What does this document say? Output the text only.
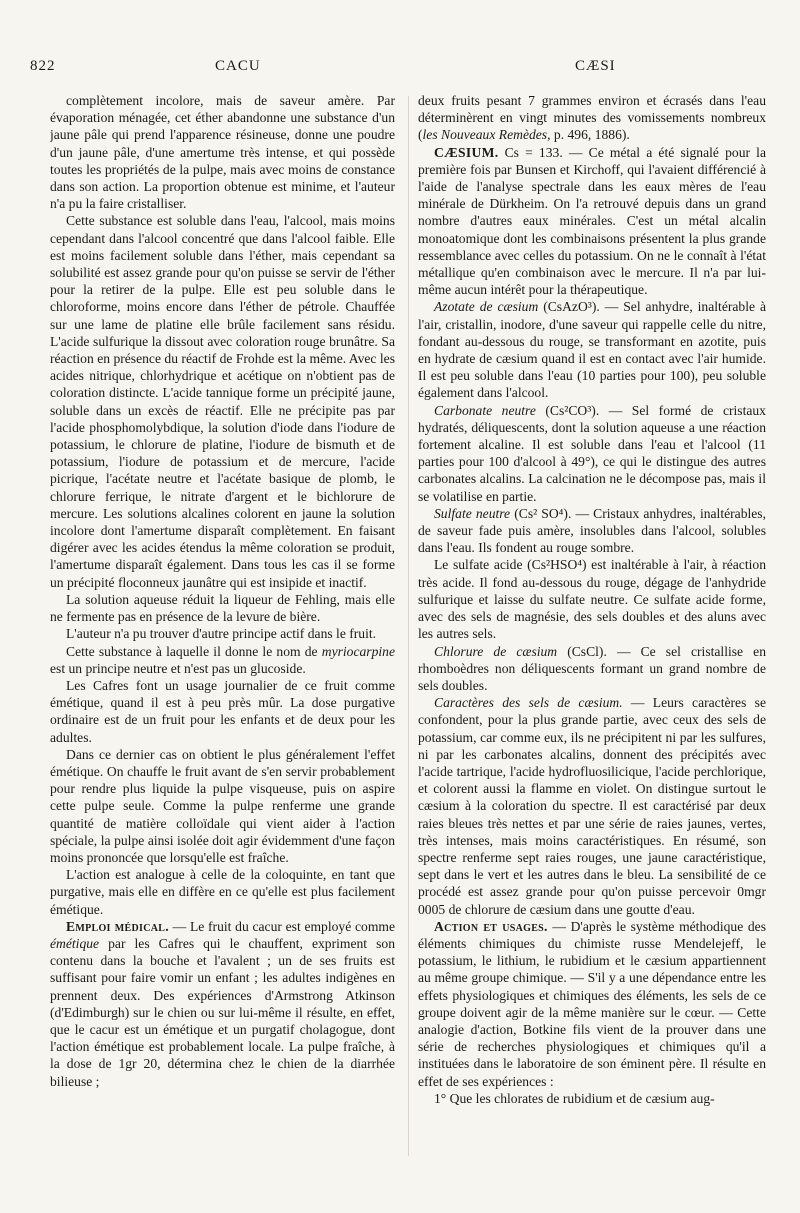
822	CACU	CÆSI

complètement incolore, mais de saveur amère. Par évaporation ménagée, cet éther abandonne une substance d'un jaune pâle qui prend l'apparence résineuse, donne une poudre d'un jaune pâle, d'une amertume très intense, et qui possède toutes les propriétés de la pulpe, mais avec moins de constance dans son action. La proportion obtenue est minime, et l'auteur n'a pu la faire cristalliser.

Cette substance est soluble dans l'eau, l'alcool, mais moins cependant dans l'alcool concentré que dans l'alcool faible. Elle est moins facilement soluble dans l'éther, mais cependant sa solubilité est assez grande pour qu'on puisse se servir de l'éther pour la retirer de la pulpe. Elle est peu soluble dans le chloroforme, moins encore dans l'éther de pétrole. Chauffée sur une lame de platine elle brûle facilement sans résidu. L'acide sulfurique la dissout avec coloration rouge brunâtre. Sa réaction en présence du réactif de Frohde est la même. Avec les acides nitrique, chlorhydrique et acétique on n'obtient pas de coloration distincte. L'acide tannique forme un précipité jaune, soluble dans un excès de réactif. Elle ne précipite pas par l'acide phosphomolybdique, la solution d'iode dans l'iodure de potassium, le chlorure de platine, l'iodure de bismuth et de potassium, l'iodure de potassium et de mercure, l'acide picrique, l'acétate neutre et l'acétate basique de plomb, le chlorure ferrique, le nitrate d'argent et le bichlorure de mercure. Les solutions alcalines colorent en jaune la solution incolore dont l'amertume disparaît complètement. En faisant digérer avec les acides étendus la même coloration se produit, l'amertume disparaît également. Dans tous les cas il se forme un précipité floconneux jaunâtre qui est insipide et inactif.

La solution aqueuse réduit la liqueur de Fehling, mais elle ne fermente pas en présence de la levure de bière.

L'auteur n'a pu trouver d'autre principe actif dans le fruit.

Cette substance à laquelle il donne le nom de myriocarpine est un principe neutre et n'est pas un glucoside.

Les Cafres font un usage journalier de ce fruit comme émétique, quand il est à peu près mûr. La dose purgative ordinaire est de un fruit pour les enfants et de deux pour les adultes.

Dans ce dernier cas on obtient le plus généralement l'effet émétique. On chauffe le fruit avant de s'en servir probablement pour rendre plus liquide la pulpe visqueuse, puis on aspire cette pulpe seule. Comme la pulpe renferme une grande quantité de matière colloïdale qui vient aider à l'action spéciale, la pulpe ainsi isolée doit agir évidemment d'une façon moins prononcée que lorsqu'elle est fraîche.

L'action est analogue à celle de la coloquinte, en tant que purgative, mais elle en diffère en ce qu'elle est plus facilement émétique.

Emploi médical. — Le fruit du cacur est employé comme émétique par les Cafres qui le chauffent, expriment son contenu dans la bouche et l'avalent ; un de ses fruits est suffisant pour faire vomir un enfant ; les adultes indigènes en prennent deux. Des expériences d'Armstrong Atkinson (d'Edimburgh) sur le chien ou sur lui-même il résulte, en effet, que le cacur est un émétique et un purgatif cholagogue, dont l'action émétique est probablement locale. La pulpe fraîche, à la dose de 1gr 20, détermina chez le chien de la diarrhée bilieuse ;

deux fruits pesant 7 grammes environ et écrasés dans l'eau déterminèrent en vingt minutes des vomissements nombreux (les Nouveaux Remèdes, p. 496, 1886).

CÆSIUM. Cs = 133. — Ce métal a été signalé pour la première fois par Bunsen et Kirchoff, qui l'avaient différencié à l'aide de l'analyse spectrale dans les eaux mères de l'eau minérale de Dürkheim. On l'a retrouvé depuis dans un grand nombre d'autres eaux minérales. C'est un métal alcalin monoatomique dont les combinaisons présentent la plus grande ressemblance avec celles du potassium. On ne le connaît à l'état métallique qu'en combinaison avec le mercure. Il n'a par lui-même aucun intérêt pour la thérapeutique.

Azotate de cæsium (CsAzO³). — Sel anhydre, inaltérable à l'air, cristallin, inodore, d'une saveur qui rappelle celle du nitre, fondant au-dessous du rouge, se transformant en azotite, puis en hydrate de cæsium quand il est en contact avec l'air humide. Il est peu soluble dans l'eau (10 parties pour 100), peu soluble également dans l'alcool.

Carbonate neutre (Cs²CO³). — Sel formé de cristaux hydratés, déliquescents, dont la solution aqueuse a une réaction fortement alcaline. Il est soluble dans l'eau et l'alcool (11 parties pour 100 d'alcool à 49°), ce qui le distingue des autres carbonates alcalins. La calcination ne le décompose pas, mais il se volatilise en partie.

Sulfate neutre (Cs² SO⁴). — Cristaux anhydres, inaltérables, de saveur fade puis amère, insolubles dans l'alcool, solubles dans l'eau. Ils fondent au rouge sombre.

Le sulfate acide (Cs²HSO⁴) est inaltérable à l'air, à réaction très acide. Il fond au-dessous du rouge, dégage de l'anhydride sulfurique et laisse du sulfate neutre. Ce sulfate acide forme, avec des sels de magnésie, des sels doubles et des aluns avec les autres sels.

Chlorure de cæsium (CsCl). — Ce sel cristallise en rhomboèdres non déliquescents formant un grand nombre de sels doubles.

Caractères des sels de cæsium. — Leurs caractères se confondent, pour la plus grande partie, avec ceux des sels de potassium, car comme eux, ils ne précipitent ni par les sulfures, ni par les carbonates alcalins, donnent des précipités avec l'acide tartrique, l'acide hydrofluosilicique, l'acide perchlorique, et colorent aussi la flamme en violet. On distingue surtout le cæsium à la coloration du spectre. Il est caractérisé par deux raies bleues très nettes et par une série de raies jaunes, vertes, très intenses, mais moins caractéristiques. En résumé, son spectre renferme sept raies rouges, une jaune caractéristique, sept dans le vert et les autres dans le bleu. La sensibilité de ce procédé est assez grande pour qu'on puisse percevoir 0mgr 0005 de chlorure de cæsium dans une goutte d'eau.

Action et usages. — D'après le système méthodique des éléments chimiques du chimiste russe Mendelejeff, le potassium, le lithium, le rubidium et le cæsium appartiennent au même groupe chimique. — S'il y a une dépendance entre les effets physiologiques et chimiques des éléments, les sels de ce groupe doivent agir de la même manière sur le cœur. — Cette analogie d'action, Botkine fils vient de la prouver dans une série de recherches physiologiques et chimiques qu'il a instituées dans le laboratoire de son éminent père. Il résulte en effet de ses expériences :

1° Que les chlorates de rubidium et de cæsium aug-
